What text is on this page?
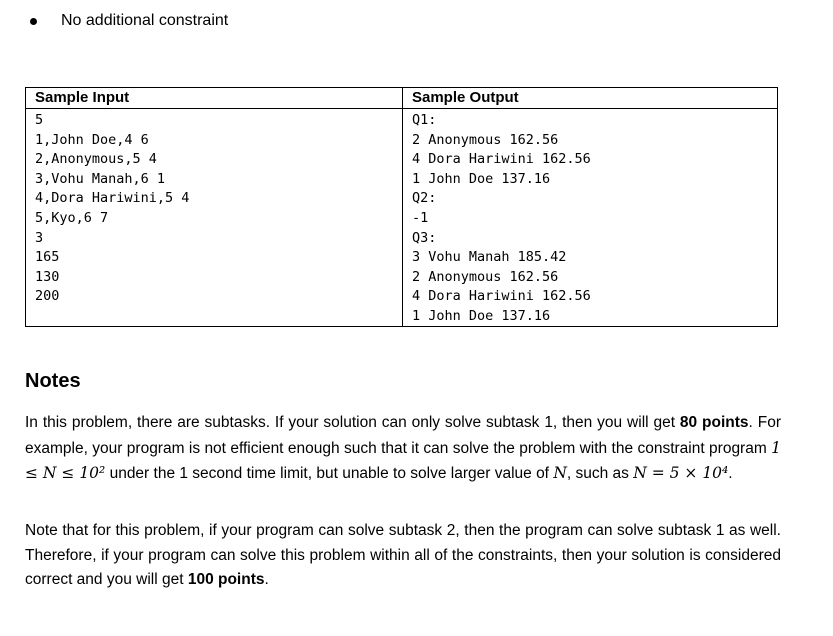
No additional constraint
Sample Input
5
1,John Doe,4 6
2,Anonymous,5 4
3,Vohu Manah,6 1
4,Dora Hariwini,5 4
5,Kyo,6 7
3
165
130
200
Sample Output
Q1:
2 Anonymous 162.56
4 Dora Hariwini 162.56
1 John Doe 137.16
Q2:
-1
Q3:
3 Vohu Manah 185.42
2 Anonymous 162.56
4 Dora Hariwini 162.56
1 John Doe 137.16
Notes
In this problem, there are subtasks. If your solution can only solve subtask 1, then you will get 80 points. For example, your program is not efficient enough such that it can solve the problem with the constraint program 1 ≤ N ≤ 10² under the 1 second time limit, but unable to solve larger value of N, such as N = 5 × 10⁴.
Note that for this problem, if your program can solve subtask 2, then the program can solve subtask 1 as well. Therefore, if your program can solve this problem within all of the constraints, then your solution is considered correct and you will get 100 points.
